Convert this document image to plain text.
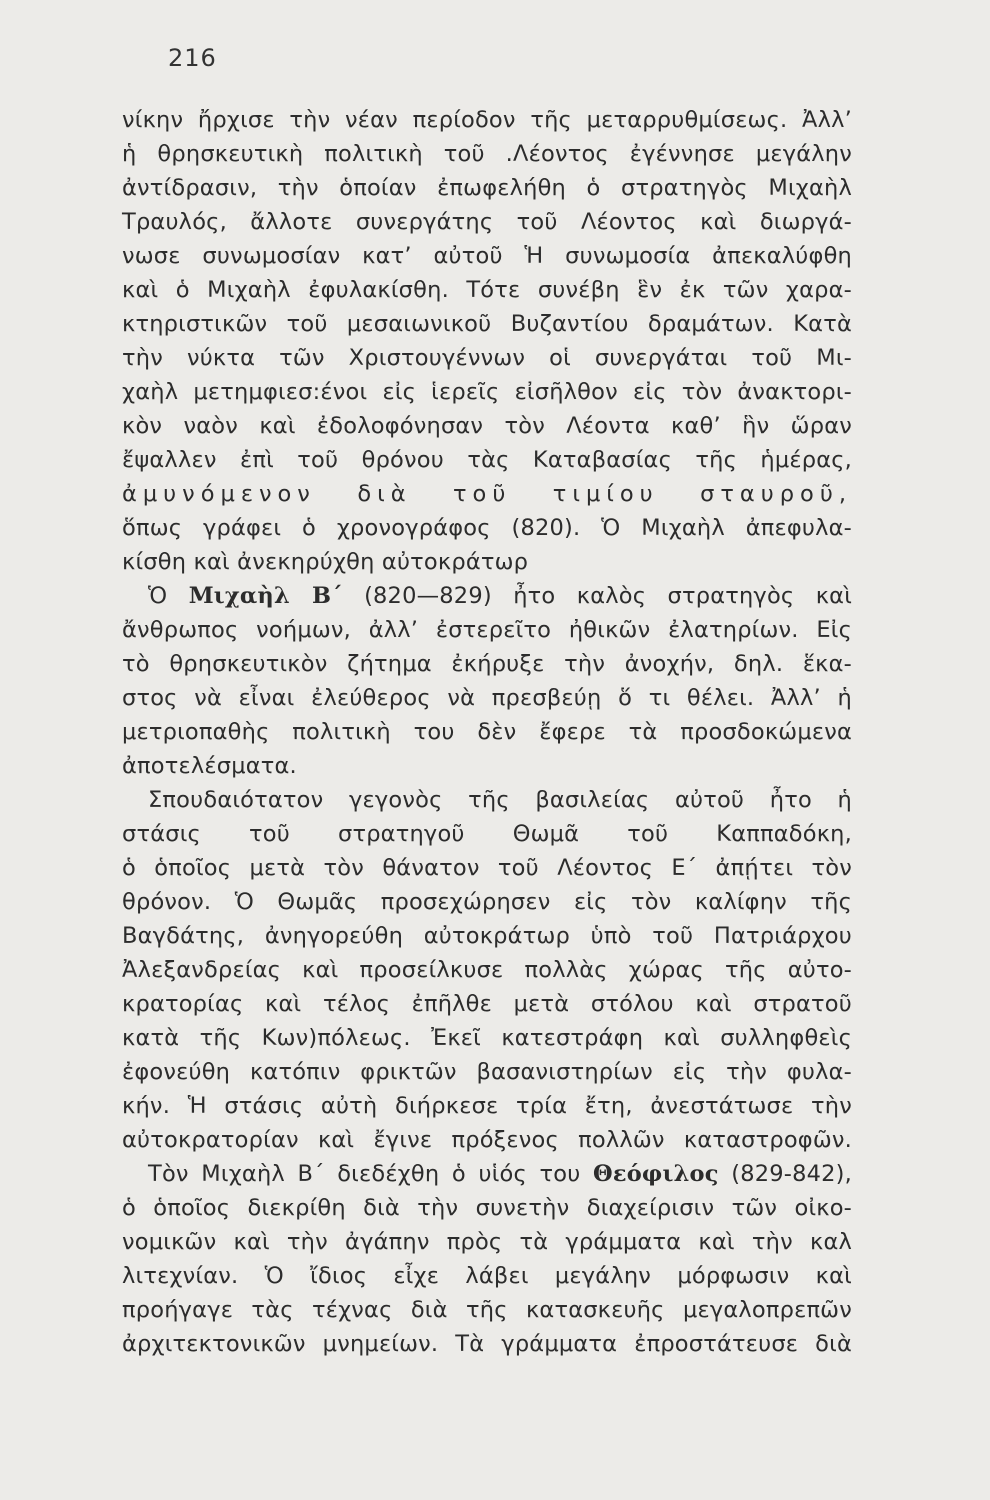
216
νίκην ἤρχισε τὴν νέαν περίοδον τῆς μεταρρυθμίσεως. Ἀλλ’
ἡ θρησκευτικὴ πολιτικὴ τοῦ .Λέοντος ἐγέννησε μεγάλην
ἀντίδρασιν, τὴν ὁποίαν ἐπωφελήθη ὁ στρατηγὸς Μιχαὴλ
Τραυλός, ἄλλοτε συνεργάτης τοῦ Λέοντος καὶ διωργά-
νωσε συνωμοσίαν κατ’ αὐτοῦ Ἡ συνωμοσία ἀπεκαλύφθη
καὶ ὁ Μιχαὴλ ἐφυλακίσθη. Τότε συνέβη ἓν ἐκ τῶν χαρα-
κτηριστικῶν τοῦ μεσαιωνικοῦ Βυζαντίου δραμάτων. Κατὰ
τὴν νύκτα τῶν Χριστουγέννων οἱ συνεργάται τοῦ Μι-
χαὴλ μετημφιεσ:ένοι εἰς ἱερεῖς εἰσῆλθον εἰς τὸν ἀνακτορι-
κὸν ναὸν καὶ ἐδολοφόνησαν τὸν Λέοντα καθ’ ἣν ὥραν
ἔψαλλεν ἐπὶ τοῦ θρόνου τὰς Καταβασίας τῆς ἡμέρας,
ἀμυνόμενον διὰ τοῦ τιμίου σταυροῦ,
ὅπως γράφει ὁ χρονογράφος (820). Ὁ Μιχαὴλ ἀπεφυλα-
κίσθη καὶ ἀνεκηρύχθη αὐτοκράτωρ
Ὁ Μιχαὴλ Β΄ (820—829) ἦτο καλὸς στρατηγὸς καὶ
ἄνθρωπος νοήμων, ἀλλ’ ἐστερεῖτο ἠθικῶν ἐλατηρίων. Εἰς
τὸ θρησκευτικὸν ζήτημα ἐκήρυξε τὴν ἀνοχήν, δηλ. ἕκα-
στος νὰ εἶναι ἐλεύθερος νὰ πρεσβεύῃ ὅ τι θέλει. Ἀλλ’ ἡ
μετριοπαθὴς πολιτικὴ του δὲν ἔφερε τὰ προσδοκώμενα
ἀποτελέσματα.
Σπουδαιότατον γεγονὸς τῆς βασιλείας αὐτοῦ ἦτο ἡ
στάσις τοῦ στρατηγοῦ Θωμᾶ τοῦ Καππαδόκη,
ὁ ὁποῖος μετὰ τὸν θάνατον τοῦ Λέοντος Ε΄ ἀπῄτει τὸν
θρόνον. Ὁ Θωμᾶς προσεχώρησεν εἰς τὸν καλίφην τῆς
Βαγδάτης, ἀνηγορεύθη αὐτοκράτωρ ὑπὸ τοῦ Πατριάρχου
Ἀλεξανδρείας καὶ προσείλκυσε πολλὰς χώρας τῆς αὐτο-
κρατορίας καὶ τέλος ἐπῆλθε μετὰ στόλου καὶ στρατοῦ
κατὰ τῆς Κων)πόλεως. Ἐκεῖ κατεστράφη καὶ συλληφθεὶς
ἐφονεύθη κατόπιν φρικτῶν βασανιστηρίων εἰς τὴν φυλα-
κήν. Ἡ στάσις αὐτὴ διήρκεσε τρία ἔτη, ἀνεστάτωσε τὴν
αὐτοκρατορίαν καὶ ἔγινε πρόξενος πολλῶν καταστροφῶν.
Τὸν Μιχαὴλ Β΄ διεδέχθη ὁ υἱός του Θεόφιλος (829-842),
ὁ ὁποῖος διεκρίθη διὰ τὴν συνετὴν διαχείρισιν τῶν οἰκο-
νομικῶν καὶ τὴν ἀγάπην πρὸς τὰ γράμματα καὶ τὴν καλ
λιτεχνίαν. Ὁ ἴδιος εἶχε λάβει μεγάλην μόρφωσιν καὶ
προήγαγε τὰς τέχνας διὰ τῆς κατασκευῆς μεγαλοπρεπῶν
ἀρχιτεκτονικῶν μνημείων. Τὰ γράμματα ἐπροστάτευσε διὰ
